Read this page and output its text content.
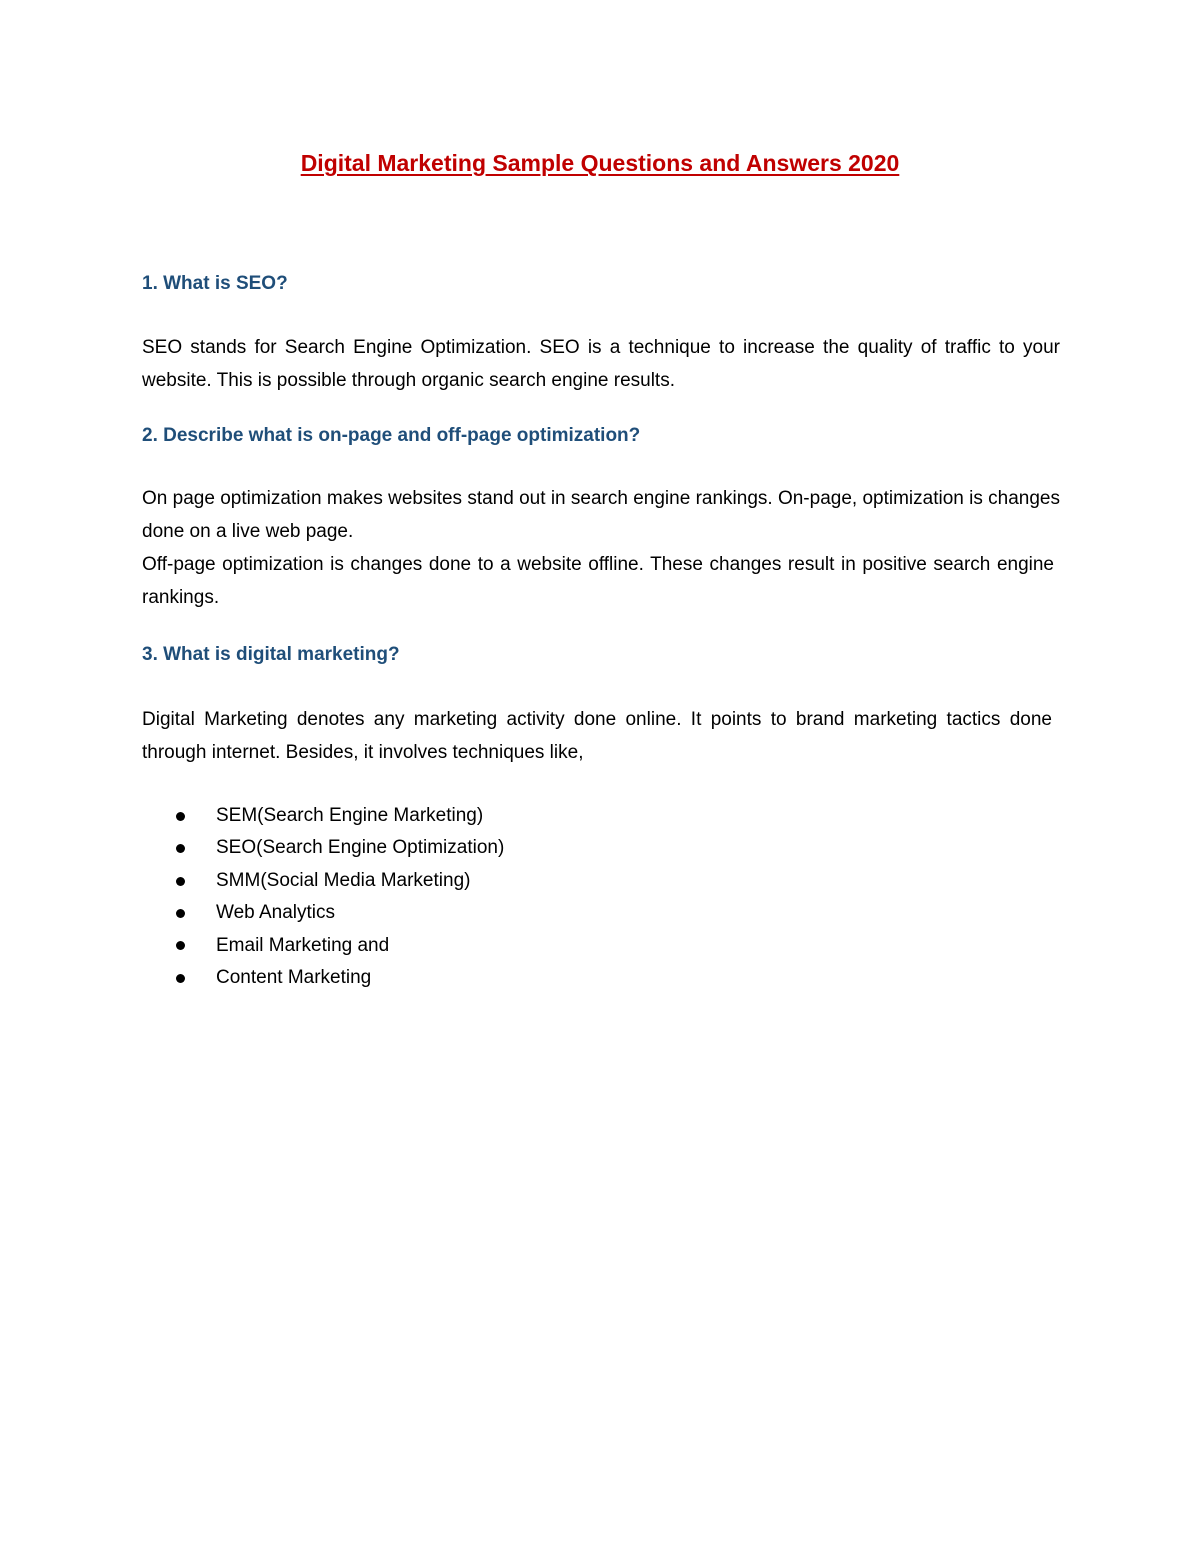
Digital Marketing Sample Questions and Answers 2020
1. What is SEO?

SEO stands for Search Engine Optimization. SEO is a technique to increase the quality of traffic to your website. This is possible through organic search engine results.

2. Describe what is on-page and off-page optimization?

On page optimization makes websites stand out in search engine rankings. On-page, optimization is changes done on a live web page.

Off-page optimization is changes done to a website offline. These changes result in positive search engine rankings.

3. What is digital marketing?

Digital Marketing denotes any marketing activity done online. It points to brand marketing tactics done through internet. Besides, it involves techniques like,

SEM(Search Engine Marketing)
SEO(Search Engine Optimization)
SMM(Social Media Marketing)
Web Analytics
Email Marketing and
Content Marketing
